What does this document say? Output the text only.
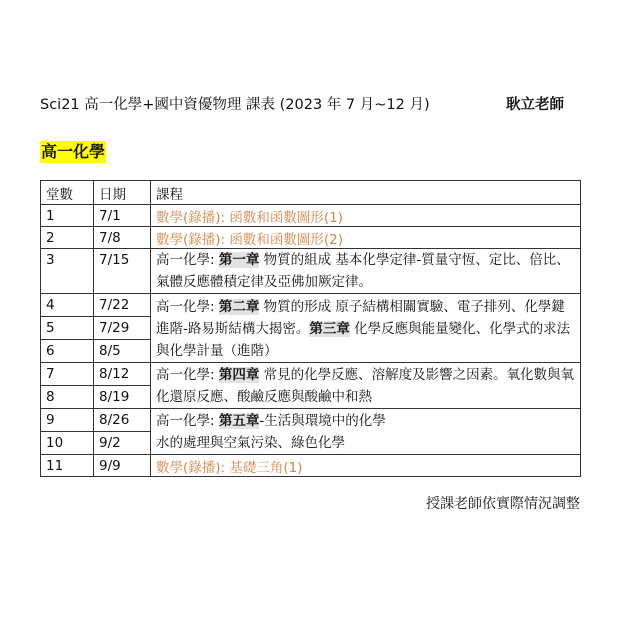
Sci21 高一化學+國中資優物理 課表 (2023 年 7 月~12 月)	耿立老師
高一化學
堂數	日期	課程
1	7/1	數學(錄播): 函數和函數圖形(1)
2	7/8	數學(錄播): 函數和函數圖形(2)
3	7/15	高一化學: 第一章 物質的組成 基本化學定律-質量守恆、定比、倍比、氣體反應體積定律及亞佛加厥定律。
4	7/22	高一化學: 第二章 物質的形成 原子結構相關實驗、電子排列、化學鍵進階-路易斯結構大揭密。第三章 化學反應與能量變化、化學式的求法與化學計量（進階）
5	7/29	
6	8/5	
7	8/12	高一化學: 第四章 常見的化學反應、溶解度及影響之因素。氧化數與氧化還原反應、酸鹼反應與酸鹼中和熱
8	8/19	
9	8/26	高一化學: 第五章-生活與環境中的化學
水的處理與空氣污染、綠色化學
10	9/2	
11	9/9	數學(錄播): 基礎三角(1)
授課老師依實際情況調整
